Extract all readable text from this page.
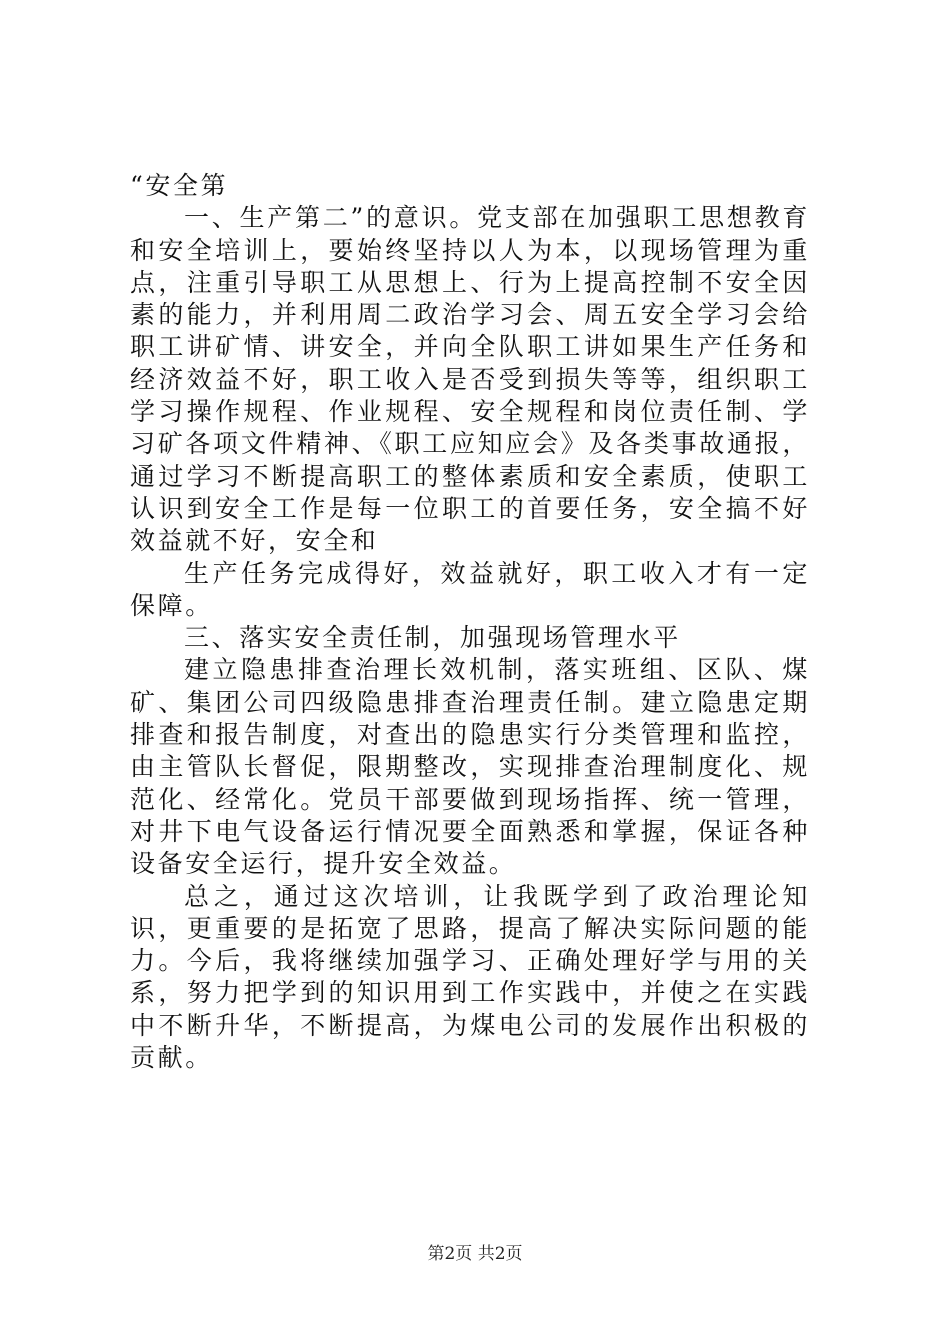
“安全第

一、生产第二”的意识。党支部在加强职工思想教育和安全培训上，要始终坚持以人为本，以现场管理为重点，注重引导职工从思想上、行为上提高控制不安全因素的能力，并利用周二政治学习会、周五安全学习会给职工讲矿情、讲安全，并向全队职工讲如果生产任务和经济效益不好，职工收入是否受到损失等等，组织职工学习操作规程、作业规程、安全规程和岗位责任制、学习矿各项文件精神、《职工应知应会》及各类事故通报，通过学习不断提高职工的整体素质和安全素质，使职工认识到安全工作是每一位职工的首要任务，安全搞不好效益就不好，安全和

生产任务完成得好，效益就好，职工收入才有一定保障。

三、落实安全责任制，加强现场管理水平

建立隐患排查治理长效机制，落实班组、区队、煤矿、集团公司四级隐患排查治理责任制。建立隐患定期排查和报告制度，对查出的隐患实行分类管理和监控，由主管队长督促，限期整改，实现排查治理制度化、规范化、经常化。党员干部要做到现场指挥、统一管理，对井下电气设备运行情况要全面熟悉和掌握，保证各种设备安全运行，提升安全效益。

总之，通过这次培训，让我既学到了政治理论知识，更重要的是拓宽了思路，提高了解决实际问题的能力。今后，我将继续加强学习、正确处理好学与用的关系，努力把学到的知识用到工作实践中，并使之在实践中不断升华，不断提高，为煤电公司的发展作出积极的贡献。

第2页 共2页
